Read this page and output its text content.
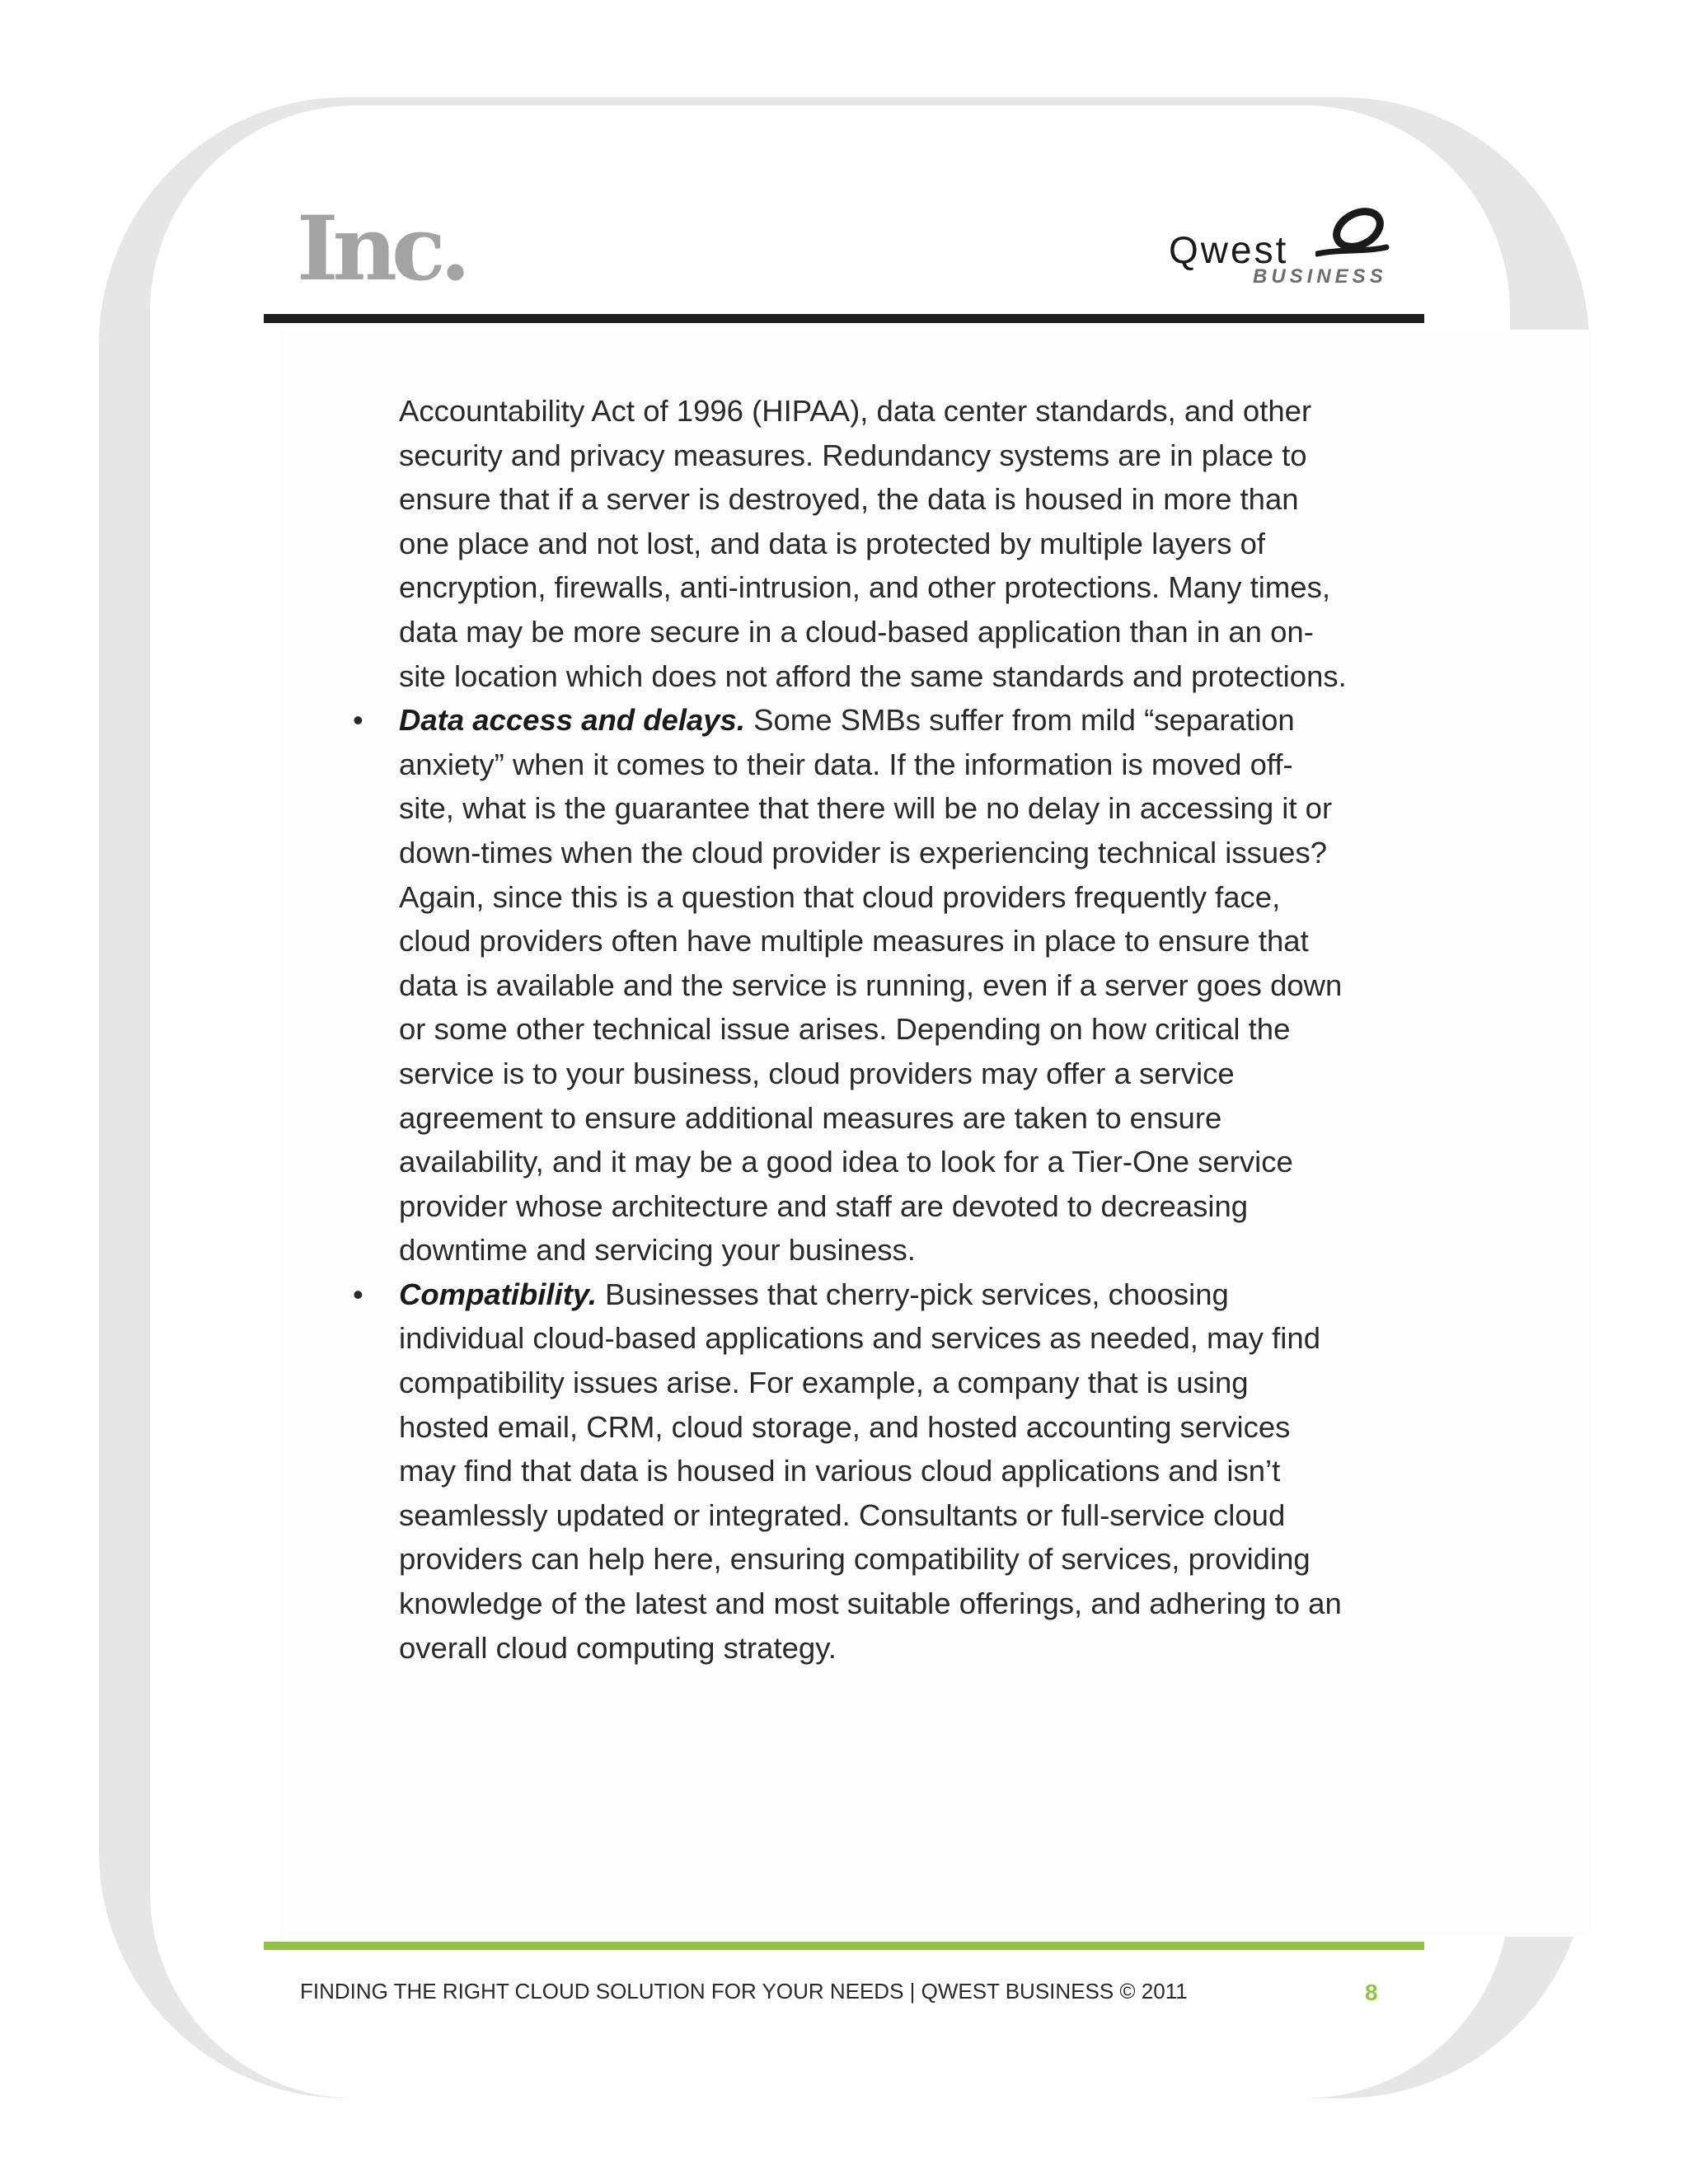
Inc.	Qwest
BUSINESS

Accountability Act of 1996 (HIPAA), data center standards, and other security and privacy measures. Redundancy systems are in place to ensure that if a server is destroyed, the data is housed in more than one place and not lost, and data is protected by multiple layers of encryption, firewalls, anti-intrusion, and other protections. Many times, data may be more secure in a cloud-based application than in an on-site location which does not afford the same standards and protections.

• Data access and delays. Some SMBs suffer from mild “separation anxiety” when it comes to their data. If the information is moved off-site, what is the guarantee that there will be no delay in accessing it or down-times when the cloud provider is experiencing technical issues? Again, since this is a question that cloud providers frequently face, cloud providers often have multiple measures in place to ensure that data is available and the service is running, even if a server goes down or some other technical issue arises. Depending on how critical the service is to your business, cloud providers may offer a service agreement to ensure additional measures are taken to ensure availability, and it may be a good idea to look for a Tier-One service provider whose architecture and staff are devoted to decreasing downtime and servicing your business.

• Compatibility. Businesses that cherry-pick services, choosing individual cloud-based applications and services as needed, may find compatibility issues arise. For example, a company that is using hosted email, CRM, cloud storage, and hosted accounting services may find that data is housed in various cloud applications and isn’t seamlessly updated or integrated. Consultants or full-service cloud providers can help here, ensuring compatibility of services, providing knowledge of the latest and most suitable offerings, and adhering to an overall cloud computing strategy.

FINDING THE RIGHT CLOUD SOLUTION FOR YOUR NEEDS | QWEST BUSINESS © 2011	8
